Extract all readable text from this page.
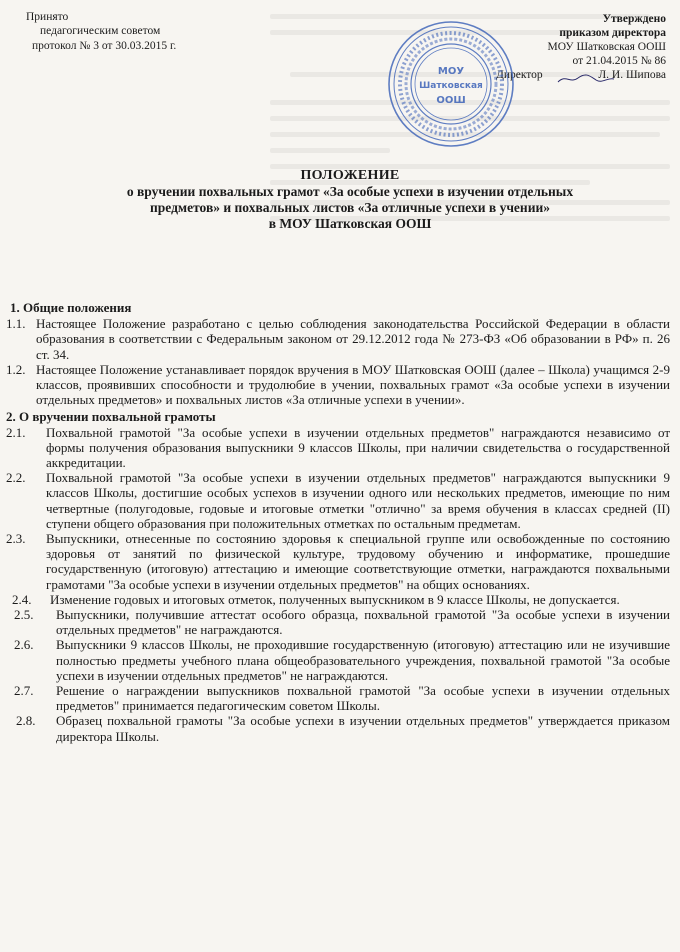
Принято
педагогическим советом
протокол № 3 от 30.03.2015 г.
Утверждено
приказом директора
МОУ Шатковская ООШ
от 21.04.2015 № 86
Директор	Л. И. Шипова
МОУ
Шатковская
ООШ
ПОЛОЖЕНИЕ
о вручении похвальных грамот «За особые успехи в изучении отдельных
предметов» и похвальных листов «За отличные успехи в учении»
в МОУ Шатковская ООШ

1. Общие положения

1.1. Настоящее Положение разработано с целью соблюдения законодательства Российской Федерации в области образования в соответствии с Федеральным законом от 29.12.2012 года № 273-ФЗ «Об образовании в РФ» п. 26 ст. 34.
1.2. Настоящее Положение устанавливает порядок вручения в МОУ Шатковская ООШ (далее – Школа) учащимся 2-9 классов, проявивших способности и трудолюбие в учении, похвальных грамот «За особые успехи в изучении отдельных предметов» и похвальных листов «За отличные успехи в учении».

2. О вручении похвальной грамоты

2.1.	Похвальной грамотой "За особые успехи в изучении отдельных предметов" награждаются независимо от формы получения образования выпускники 9 классов Школы, при наличии свидетельства о государственной аккредитации.
2.2.	Похвальной грамотой "За особые успехи в изучении отдельных предметов" награждаются выпускники 9 классов Школы, достигшие особых успехов в изучении одного или нескольких предметов, имеющие по ним четвертные (полугодовые, годовые и итоговые отметки "отлично" за время обучения в классах средней (II) ступени общего образования при положительных отметках по остальным предметам.
2.3.	Выпускники, отнесенные по состоянию здоровья к специальной группе или освобожденные по состоянию здоровья от занятий по физической культуре, трудовому обучению и информатике, прошедшие государственную (итоговую) аттестацию и имеющие соответствующие отметки, награждаются похвальными грамотами "За особые успехи в изучении отдельных предметов" на общих основаниях.
2.4.	Изменение годовых и итоговых отметок, полученных выпускником в 9 классе Школы, не допускается.
2.5.	Выпускники, получившие аттестат особого образца, похвальной грамотой "За особые успехи в изучении отдельных предметов" не награждаются.
2.6.	Выпускники 9 классов Школы, не проходившие государственную (итоговую) аттестацию или не изучившие полностью предметы учебного плана общеобразовательного учреждения, похвальной грамотой "За особые успехи в изучении отдельных предметов" не награждаются.
2.7.	Решение о награждении выпускников похвальной грамотой "За особые успехи в изучении отдельных предметов" принимается педагогическим советом Школы.
2.8.	Образец похвальной грамоты "За особые успехи в изучении отдельных предметов" утверждается приказом директора Школы.
